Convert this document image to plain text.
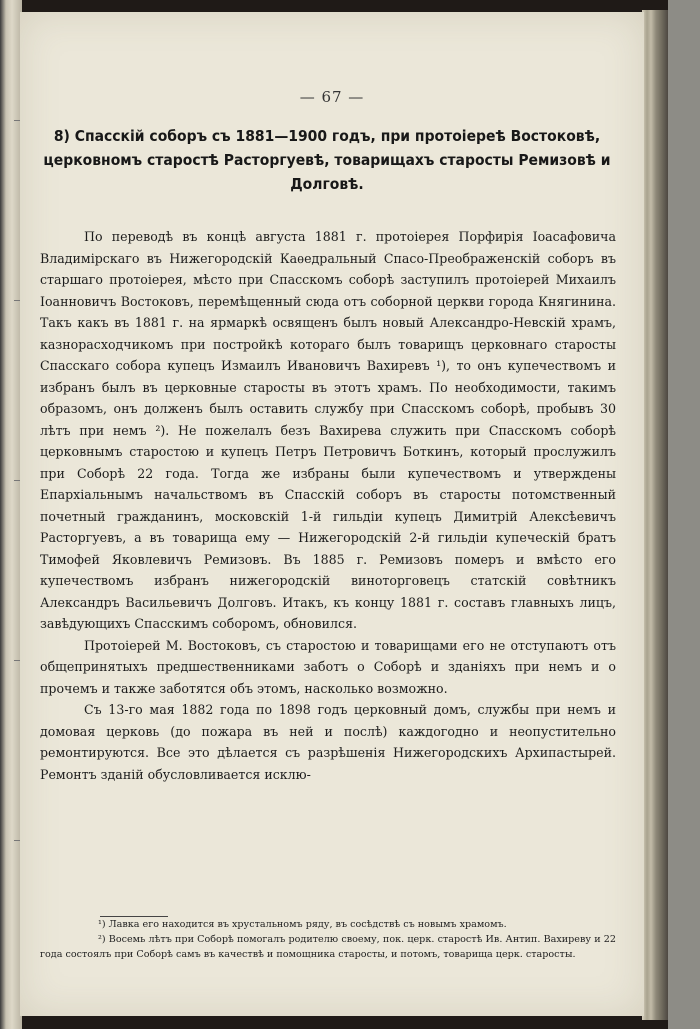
— 67 —
8) Спасскій соборъ съ 1881—1900 годъ, при протоіереѣ Востоковѣ, церковномъ старостѣ Расторгуевѣ, товарищахъ старосты Ремизовѣ и Долговѣ.

По переводѣ въ концѣ августа 1881 г. протоіерея Порфирія Іоасафовича Владимірскаго въ Нижегородскій Каѳедральный Спасо-Преображенскій соборъ въ старшаго протоіерея, мѣсто при Спасскомъ соборѣ заступилъ протоіерей Михаилъ Іоанновичъ Востоковъ, перемѣщенный сюда отъ соборной церкви города Княгинина. Такъ какъ въ 1881 г. на ярмаркѣ освященъ былъ новый Александро-Невскій храмъ, казнорасходчикомъ при постройкѣ котораго былъ товарищъ церковнаго старосты Спасскаго собора купецъ Измаилъ Ивановичъ Вахиревъ ¹), то онъ купечествомъ и избранъ былъ въ церковные старосты въ этотъ храмъ. По необходимости, такимъ образомъ, онъ долженъ былъ оставить службу при Спасскомъ соборѣ, пробывъ 30 лѣтъ при немъ ²). Не пожелалъ безъ Вахирева служить при Спасскомъ соборѣ церковнымъ старостою и купецъ Петръ Петровичъ Боткинъ, который прослужилъ при Соборѣ 22 года. Тогда же избраны были купечествомъ и утверждены Епархіальнымъ начальствомъ въ Спасскій соборъ въ старосты потомственный почетный гражданинъ, московскій 1-й гильдіи купецъ Димитрій Алексѣевичъ Расторгуевъ, а въ товарища ему — Нижегородскій 2-й гильдіи купеческій братъ Тимофей Яковлевичъ Ремизовъ. Въ 1885 г. Ремизовъ померъ и вмѣсто его купечествомъ избранъ нижегородскій виноторговецъ статскій совѣтникъ Александръ Васильевичъ Долговъ. Итакъ, къ концу 1881 г. составъ главныхъ лицъ, завѣдующихъ Спасскимъ соборомъ, обновился.

Протоіерей М. Востоковъ, съ старостою и товарищами его не отступаютъ отъ общепринятыхъ предшественниками заботъ о Соборѣ и зданіяхъ при немъ и о прочемъ и также заботятся объ этомъ, насколько возможно.

Съ 13-го мая 1882 года по 1898 годъ церковный домъ, службы при немъ и домовая церковь (до пожара въ ней и послѣ) каждогодно и неопустительно ремонтируются. Все это дѣлается съ разрѣшенія Нижегородскихъ Архипастырей. Ремонтъ зданій обусловливается исклю-

¹) Лавка его находится въ хрустальномъ ряду, въ сосѣдствѣ съ новымъ храмомъ.

²) Восемь лѣтъ при Соборѣ помогалъ родителю своему, пок. церк. старостѣ Ив. Антип. Вахиреву и 22 года состоялъ при Соборѣ самъ въ качествѣ и помощника старосты, и потомъ, товарища церк. старосты.
